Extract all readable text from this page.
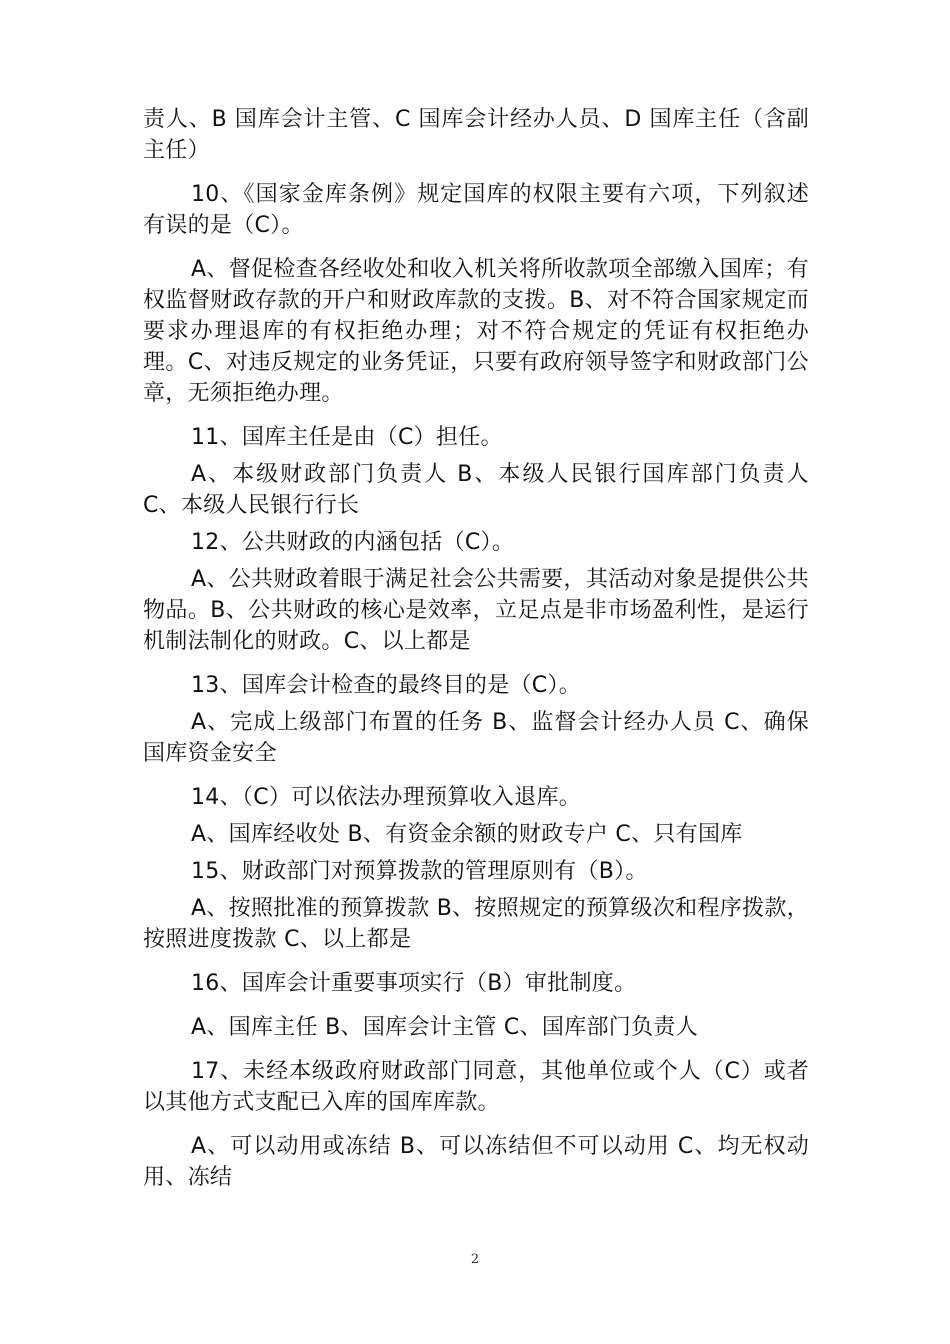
责人、B 国库会计主管、C 国库会计经办人员、D 国库主任（含副主任）

10、《国家金库条例》规定国库的权限主要有六项，下列叙述有误的是（C）。

A、督促检查各经收处和收入机关将所收款项全部缴入国库；有权监督财政存款的开户和财政库款的支拨。B、对不符合国家规定而要求办理退库的有权拒绝办理；对不符合规定的凭证有权拒绝办理。C、对违反规定的业务凭证，只要有政府领导签字和财政部门公章，无须拒绝办理。

11、国库主任是由（C）担任。

A、本级财政部门负责人 B、本级人民银行国库部门负责人 C、本级人民银行行长

12、公共财政的内涵包括（C）。

A、公共财政着眼于满足社会公共需要，其活动对象是提供公共物品。B、公共财政的核心是效率，立足点是非市场盈利性，是运行机制法制化的财政。C、以上都是

13、国库会计检查的最终目的是（C）。

A、完成上级部门布置的任务 B、监督会计经办人员 C、确保国库资金安全

14、（C）可以依法办理预算收入退库。

A、国库经收处 B、有资金余额的财政专户 C、只有国库

15、财政部门对预算拨款的管理原则有（B）。

A、按照批准的预算拨款 B、按照规定的预算级次和程序拨款，按照进度拨款 C、以上都是

16、国库会计重要事项实行（B）审批制度。

A、国库主任 B、国库会计主管 C、国库部门负责人

17、未经本级政府财政部门同意，其他单位或个人（C）或者以其他方式支配已入库的国库库款。

A、可以动用或冻结 B、可以冻结但不可以动用 C、均无权动用、冻结

2
